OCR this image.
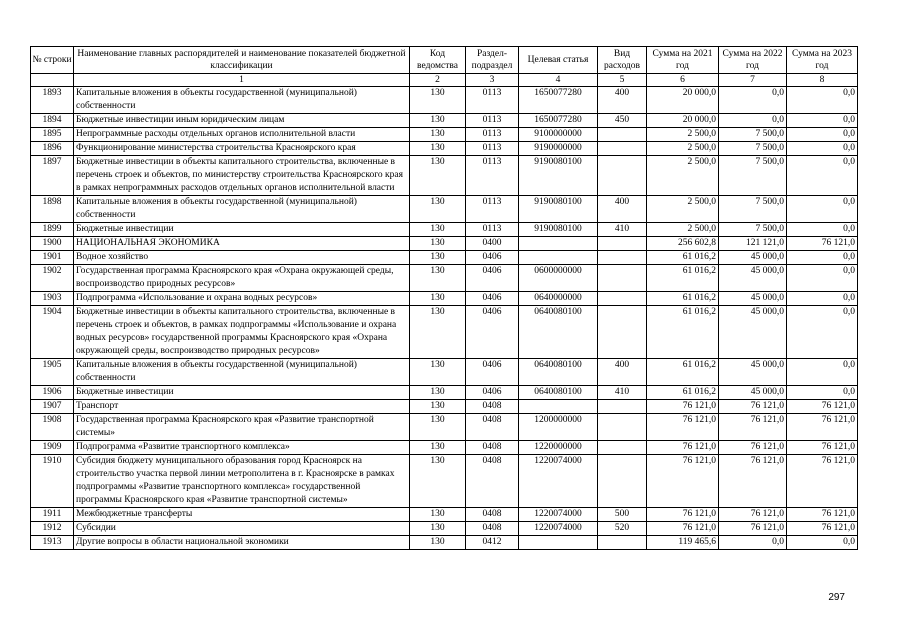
№ строки	Наименование главных распорядителей и наименование показателей бюджетной классификации	Код ведомства	Раздел-подраздел	Целевая статья	Вид расходов	Сумма на 2021 год	Сумма на 2022 год	Сумма на 2023 год
	1	2	3	4	5	6	7	8
1893	Капитальные вложения в объекты государственной (муниципальной) собственности	130	0113	1650077280	400	20 000,0	0,0	0,0
1894	Бюджетные инвестиции иным юридическим лицам	130	0113	1650077280	450	20 000,0	0,0	0,0
1895	Непрограммные расходы отдельных органов исполнительной власти	130	0113	9100000000		2 500,0	7 500,0	0,0
1896	Функционирование министерства строительства Красноярского края	130	0113	9190000000		2 500,0	7 500,0	0,0
1897	Бюджетные инвестиции в объекты капитального строительства, включенные в перечень строек и объектов, по министерству строительства Красноярского края в рамках непрограммных расходов отдельных органов исполнительной власти	130	0113	9190080100		2 500,0	7 500,0	0,0
1898	Капитальные вложения в объекты государственной (муниципальной) собственности	130	0113	9190080100	400	2 500,0	7 500,0	0,0
1899	Бюджетные инвестиции	130	0113	9190080100	410	2 500,0	7 500,0	0,0
1900	НАЦИОНАЛЬНАЯ ЭКОНОМИКА	130	0400			256 602,8	121 121,0	76 121,0
1901	Водное хозяйство	130	0406			61 016,2	45 000,0	0,0
1902	Государственная программа Красноярского края «Охрана окружающей среды, воспроизводство природных ресурсов»	130	0406	0600000000		61 016,2	45 000,0	0,0
1903	Подпрограмма «Использование и охрана водных ресурсов»	130	0406	0640000000		61 016,2	45 000,0	0,0
1904	Бюджетные инвестиции в объекты капитального строительства, включенные в перечень строек и объектов, в рамках подпрограммы «Использование и охрана водных ресурсов» государственной программы Красноярского края «Охрана окружающей среды, воспроизводство природных ресурсов»	130	0406	0640080100		61 016,2	45 000,0	0,0
1905	Капитальные вложения в объекты государственной (муниципальной) собственности	130	0406	0640080100	400	61 016,2	45 000,0	0,0
1906	Бюджетные инвестиции	130	0406	0640080100	410	61 016,2	45 000,0	0,0
1907	Транспорт	130	0408			76 121,0	76 121,0	76 121,0
1908	Государственная программа Красноярского края «Развитие транспортной системы»	130	0408	1200000000		76 121,0	76 121,0	76 121,0
1909	Подпрограмма «Развитие транспортного комплекса»	130	0408	1220000000		76 121,0	76 121,0	76 121,0
1910	Субсидия бюджету муниципального образования город Красноярск на строительство участка первой линии метрополитена в г. Красноярске в рамках подпрограммы «Развитие транспортного комплекса» государственной программы Красноярского края «Развитие транспортной системы»	130	0408	1220074000		76 121,0	76 121,0	76 121,0
1911	Межбюджетные трансферты	130	0408	1220074000	500	76 121,0	76 121,0	76 121,0
1912	Субсидии	130	0408	1220074000	520	76 121,0	76 121,0	76 121,0
1913	Другие вопросы в области национальной экономики	130	0412			119 465,6	0,0	0,0
297
